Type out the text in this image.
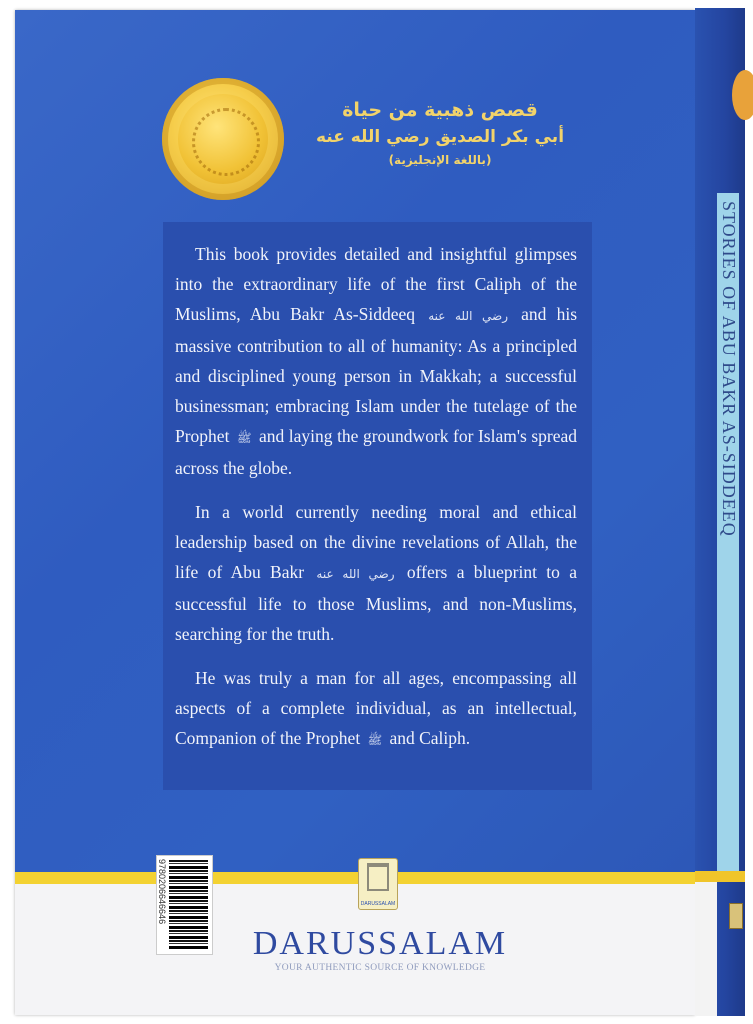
قصص ذهبية من حياة
أبي بكر الصديق رضي الله عنه
(باللغة الإنجليزية)

This book provides detailed and insightful glimpses into the extraordinary life of the first Caliph of the Muslims, Abu Bakr As-Siddeeq رضي الله عنه and his massive contribution to all of humanity: As a principled and disciplined young person in Makkah; a successful businessman; embracing Islam under the tutelage of the Prophet ﷺ and laying the groundwork for Islam's spread across the globe.

In a world currently needing moral and ethical leadership based on the divine revelations of Allah, the life of Abu Bakr رضي الله عنه offers a blueprint to a successful life to those Muslims, and non-Muslims, searching for the truth.

He was truly a man for all ages, encompassing all aspects of a complete individual, as an intellectual, Companion of the Prophet ﷺ and Caliph.

9780206646646	DARUSSALAM
DARUSSALAM
YOUR AUTHENTIC SOURCE OF KNOWLEDGE
STORIES OF ABU BAKR AS-SIDDEEQ
